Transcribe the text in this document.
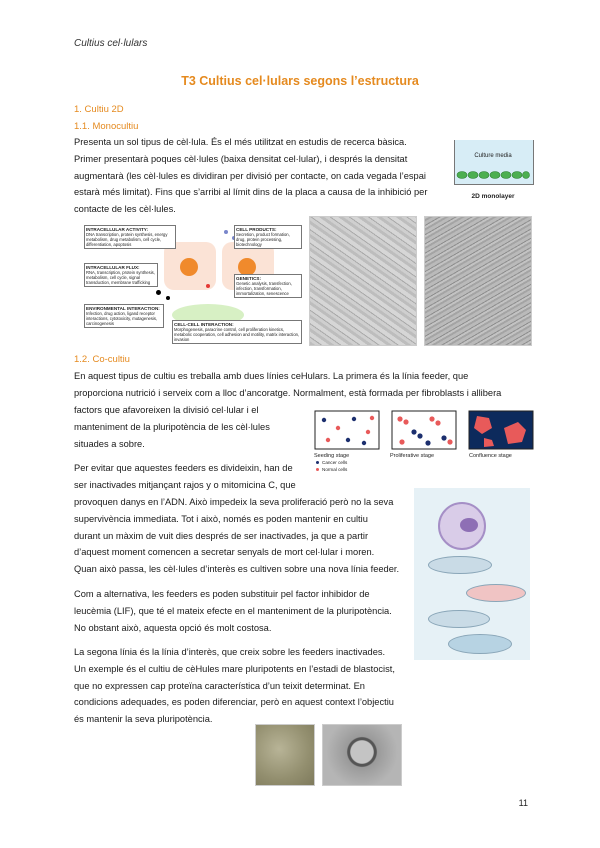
Cultius cel·lulars
T3 Cultius cel·lulars segons l’estructura
1. Cultiu 2D
1.1. Monocultiu
Presenta un sol tipus de cèl·lula. És el més utilitzat en estudis de recerca bàsica.
Primer presentarà poques cèl·lules (baixa densitat cel·lular), i després la densitat
augmentarà (les cèl·lules es dividiran per divisió per contacte, on cada vegada l’espai
estarà més limitat). Fins que s’arribi al límit dins de la placa a causa de la inhibició per
contacte de les cèl·lules.
Culture media
2D monolayer
INTRACELLULAR ACTIVITY:
DNA transcription, protein synthesis, energy metabolism, drug metabolism, cell cycle, differentiation, apoptosis
INTRACELLULAR FLUX:
RNA, transcription, protein synthesis, metabolism, cell cycle, signal transduction, membrane trafficking
ENVIRONMENTAL INTERACTION:
Infection, drug action, ligand receptor interactions, cytotoxicity, mutagenesis, carcinogenesis
CELL PRODUCTS:
Secretion, product formation, drug, protein processing, biotechnology
GENETICS:
Genetic analysis, transfection, infection, transformation, immortalization, senescence
CELL-CELL INTERACTION:
Morphogenesis, paracrine control, cell proliferation kinetics, metabolic cooperation, cell adhesion and motility, matrix interaction, invasion
1.2. Co-cultiu
En aquest tipus de cultiu es treballa amb dues línies ceHulars. La primera és la línia feeder, que
proporciona nutrició i serveix com a lloc d’ancoratge. Normalment, està formada per fibroblasts i allibera
factors que afavoreixen la divisió cel·lular i el
manteniment de la pluripotència de les cèl·lules
situades a sobre.
Seeding stage	Proliferative stage	Confluence stage
Cancer cells
Normal cells
Per evitar que aquestes feeders es divideixin, han de
ser inactivades mitjançant rajos y o mitomicina C, que
provoquen danys en l’ADN. Això impedeix la seva proliferació però no la seva
supervivència immediata. Tot i això, només es poden mantenir en cultiu
durant un màxim de vuit dies després de ser inactivades, ja que a partir
d’aquest moment comencen a secretar senyals de mort cel·lular i moren.
Quan això passa, les cèl·lules d’interès es cultiven sobre una nova línia feeder.
Com a alternativa, les feeders es poden substituir pel factor inhibidor de
leucèmia (LIF), que té el mateix efecte en el manteniment de la pluripotència.
No obstant això, aquesta opció és molt costosa.
La segona línia és la línia d’interès, que creix sobre les feeders inactivades.
Un exemple és el cultiu de cèHules mare pluripotents en l’estadi de blastocist,
que no expressen cap proteïna característica d’un teixit determinat. En
condicions adequades, es poden diferenciar, però en aquest context l’objectiu
és mantenir la seva pluripotència.
11
